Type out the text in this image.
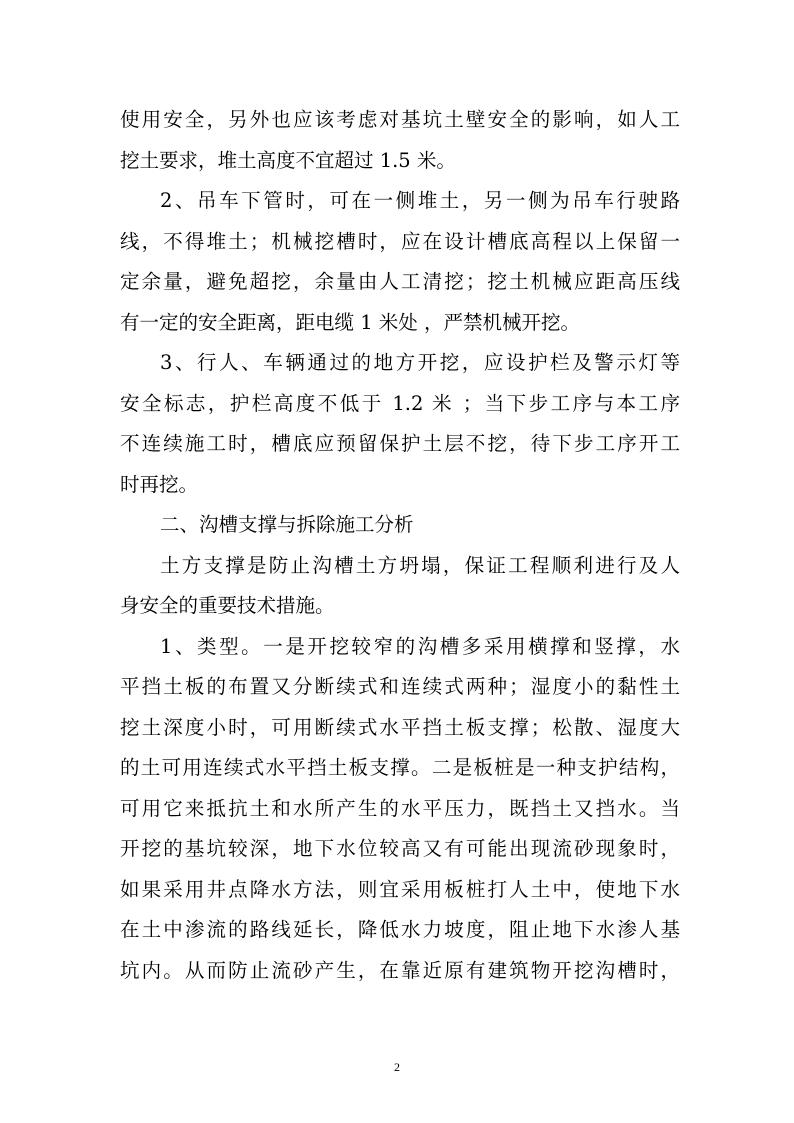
使用安全，另外也应该考虑对基坑土壁安全的影响，如人工
挖土要求，堆土高度不宜超过 1.5 米。
2、吊车下管时，可在一侧堆土，另一侧为吊车行驶路
线，不得堆土；机械挖槽时，应在设计槽底高程以上保留一
定余量，避免超挖，余量由人工清挖；挖土机械应距高压线
有一定的安全距离，距电缆 1 米处 ，严禁机械开挖。
3、行人、车辆通过的地方开挖，应设护栏及警示灯等
安全标志，护栏高度不低于 1.2 米 ；当下步工序与本工序
不连续施工时，槽底应预留保护土层不挖，待下步工序开工
时再挖。
二、沟槽支撑与拆除施工分析
土方支撑是防止沟槽土方坍塌，保证工程顺利进行及人
身安全的重要技术措施。
1、类型。一是开挖较窄的沟槽多采用横撑和竖撑，水
平挡土板的布置又分断续式和连续式两种；湿度小的黏性土
挖土深度小时，可用断续式水平挡土板支撑；松散、湿度大
的土可用连续式水平挡土板支撑。二是板桩是一种支护结构，
可用它来抵抗土和水所产生的水平压力，既挡土又挡水。当
开挖的基坑较深，地下水位较高又有可能出现流砂现象时，
如果采用井点降水方法，则宜采用板桩打人土中，使地下水
在土中渗流的路线延长，降低水力坡度，阻止地下水渗人基
坑内。从而防止流砂产生，在靠近原有建筑物开挖沟槽时，
2
